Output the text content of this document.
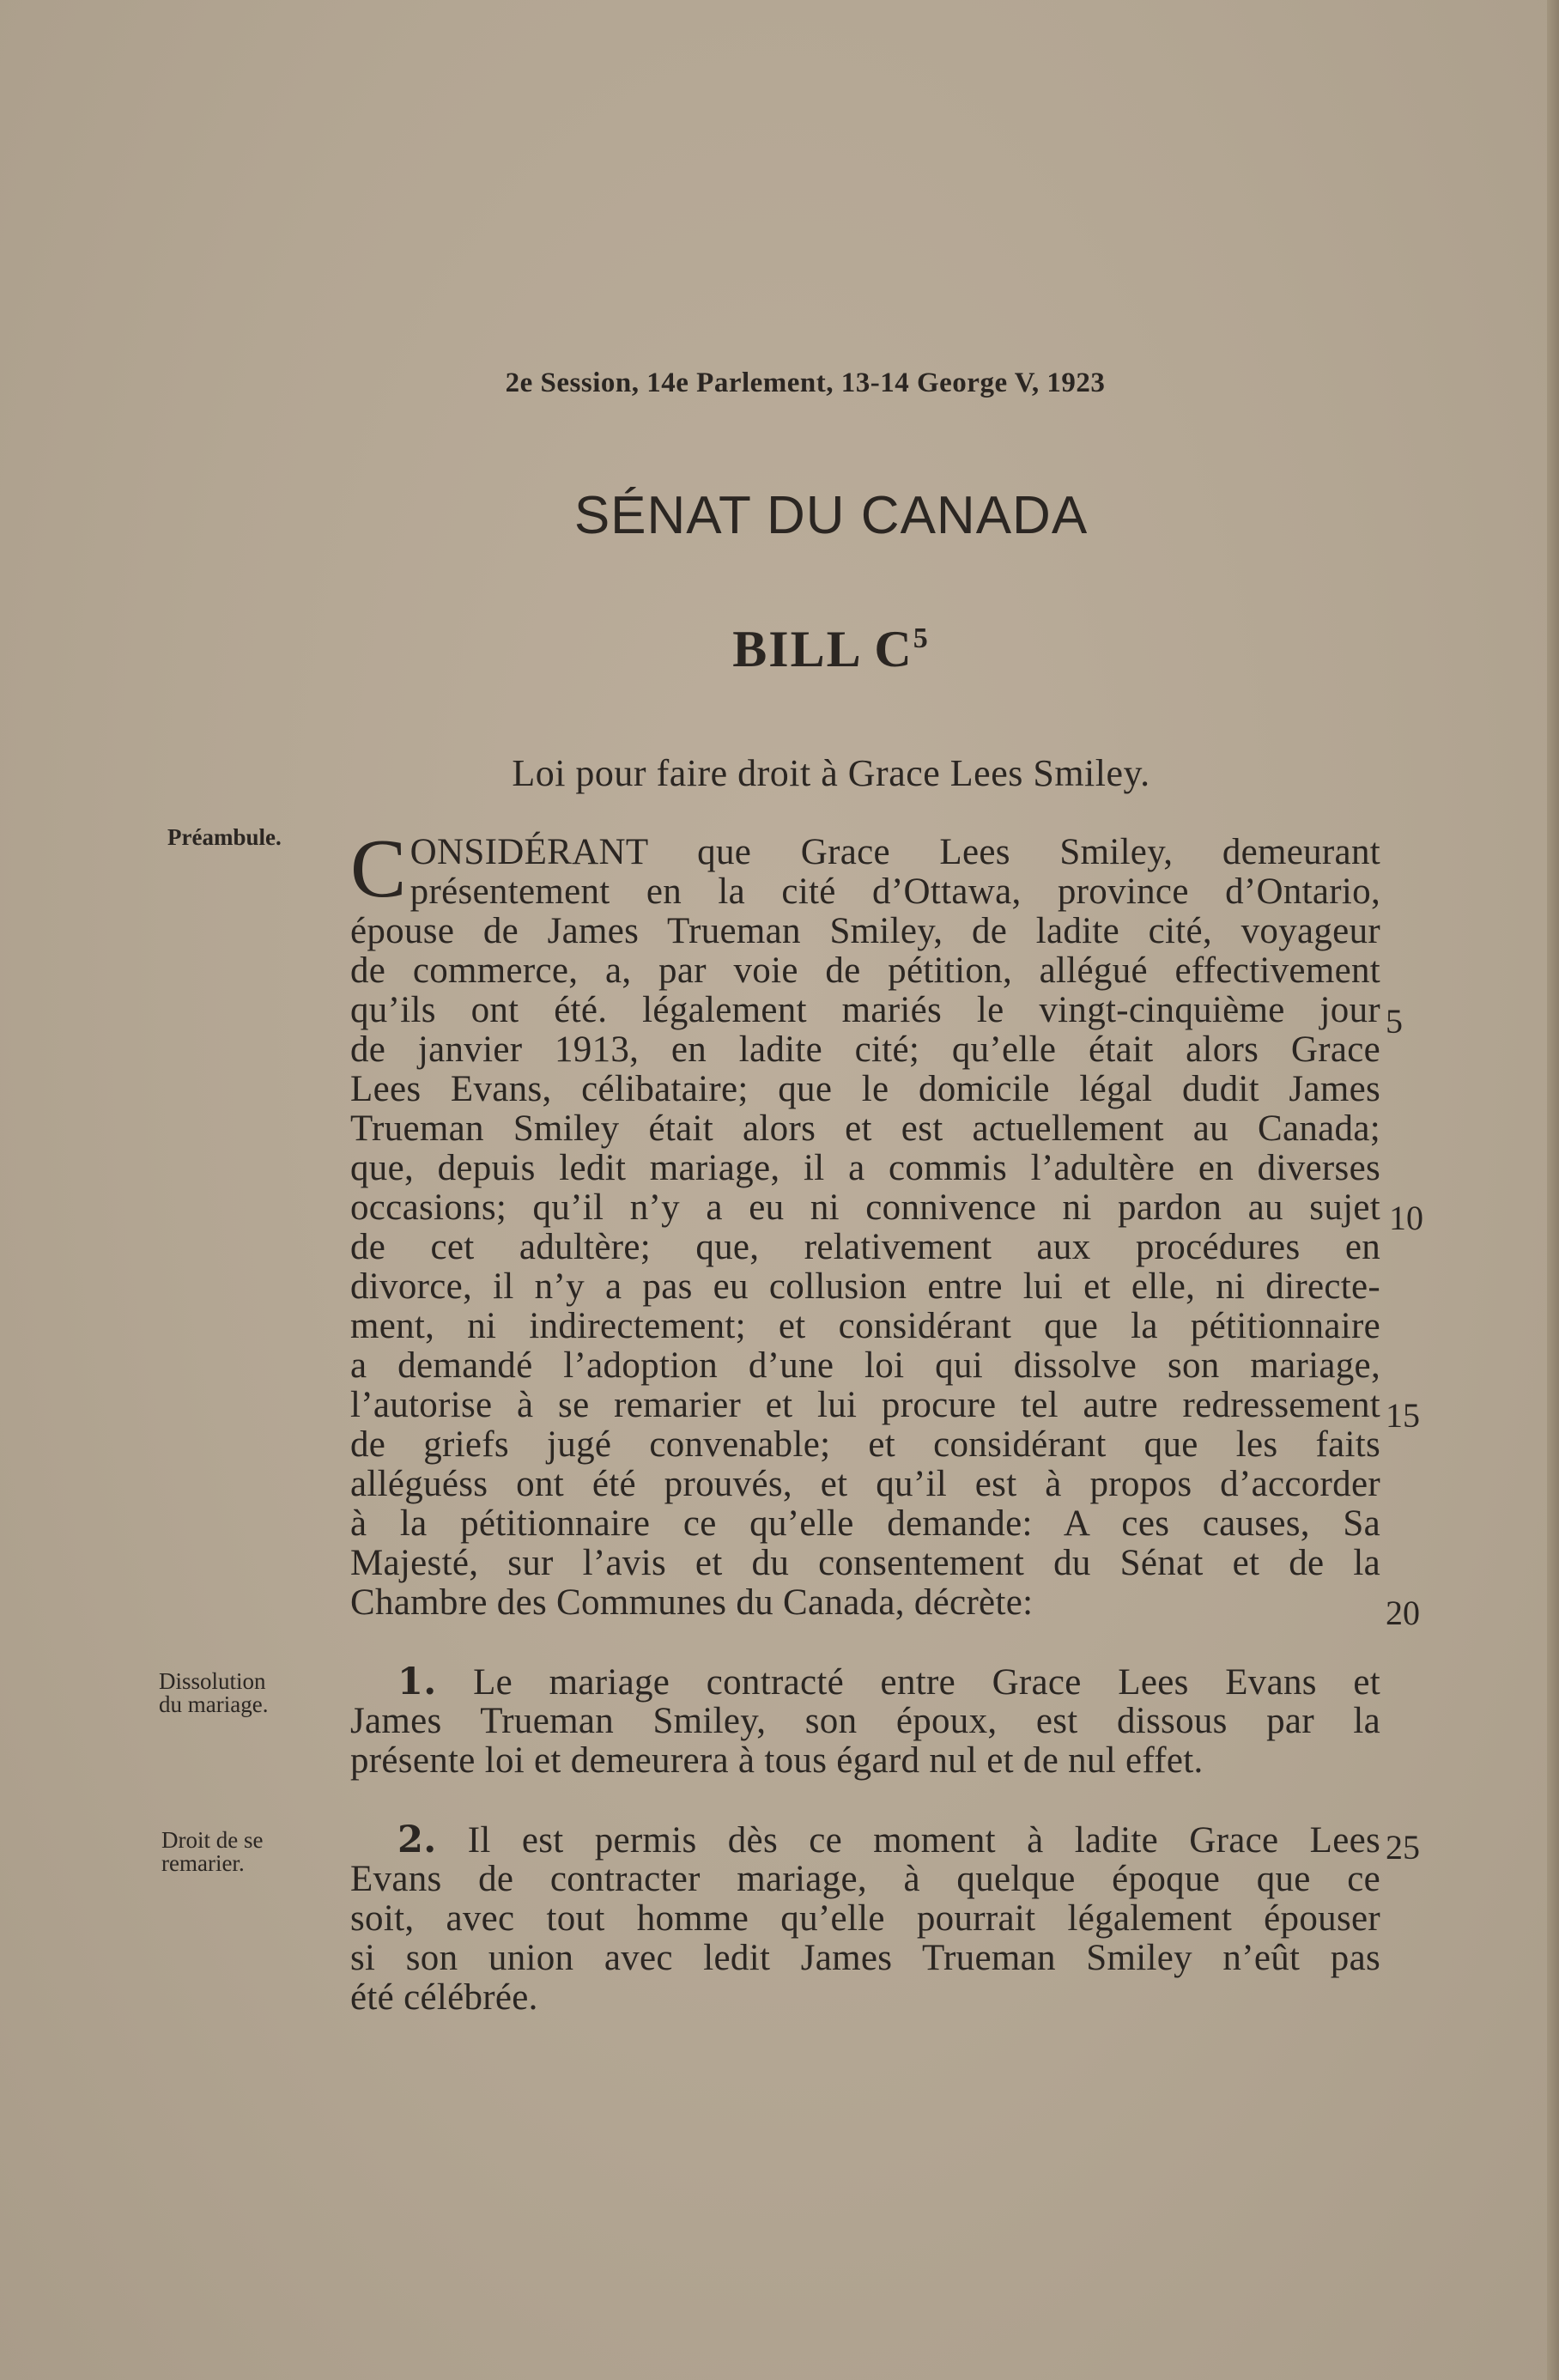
2e Session, 14e Parlement, 13-14 George V, 1923
SÉNAT DU CANADA
BILL $C^5$
Loi pour faire droit à Grace Lees Smiley.
Préambule.
Dissolution
du mariage.
Droit de se
remarier.
C ONSIDÉRANT que Grace Lees Smiley, demeurant
présentement en la cité d’Ottawa, province d’Ontario,
épouse de James Trueman Smiley, de ladite cité, voyageur
de commerce, a, par voie de pétition, allégué effectivement
qu’ils ont été. légalement mariés le vingt-cinquième jour
de janvier 1913, en ladite cité; qu’elle était alors Grace
Lees Evans, célibataire; que le domicile légal dudit James
Trueman Smiley était alors et est actuellement au Canada;
que, depuis ledit mariage, il a commis l’adultère en diverses
occasions; qu’il n’y a eu ni connivence ni pardon au sujet
de cet adultère; que, relativement aux procédures en
divorce, il n’y a pas eu collusion entre lui et elle, ni directe-
ment, ni indirectement; et considérant que la pétitionnaire
a demandé l’adoption d’une loi qui dissolve son mariage,
l’autorise à se remarier et lui procure tel autre redressement
de griefs jugé convenable; et considérant que les faits
alléguéss ont été prouvés, et qu’il est à propos d’accorder
à la pétitionnaire ce qu’elle demande: A ces causes, Sa
Majesté, sur l’avis et du consentement du Sénat et de la
Chambre des Communes du Canada, décrète:
1. Le mariage contracté entre Grace Lees Evans et
James Trueman Smiley, son époux, est dissous par la
présente loi et demeurera à tous égard nul et de nul effet.
2. Il est permis dès ce moment à ladite Grace Lees
Evans de contracter mariage, à quelque époque que ce
soit, avec tout homme qu’elle pourrait légalement épouser
si son union avec ledit James Trueman Smiley n’eût pas
été célébrée.
5
10
15
20
25
